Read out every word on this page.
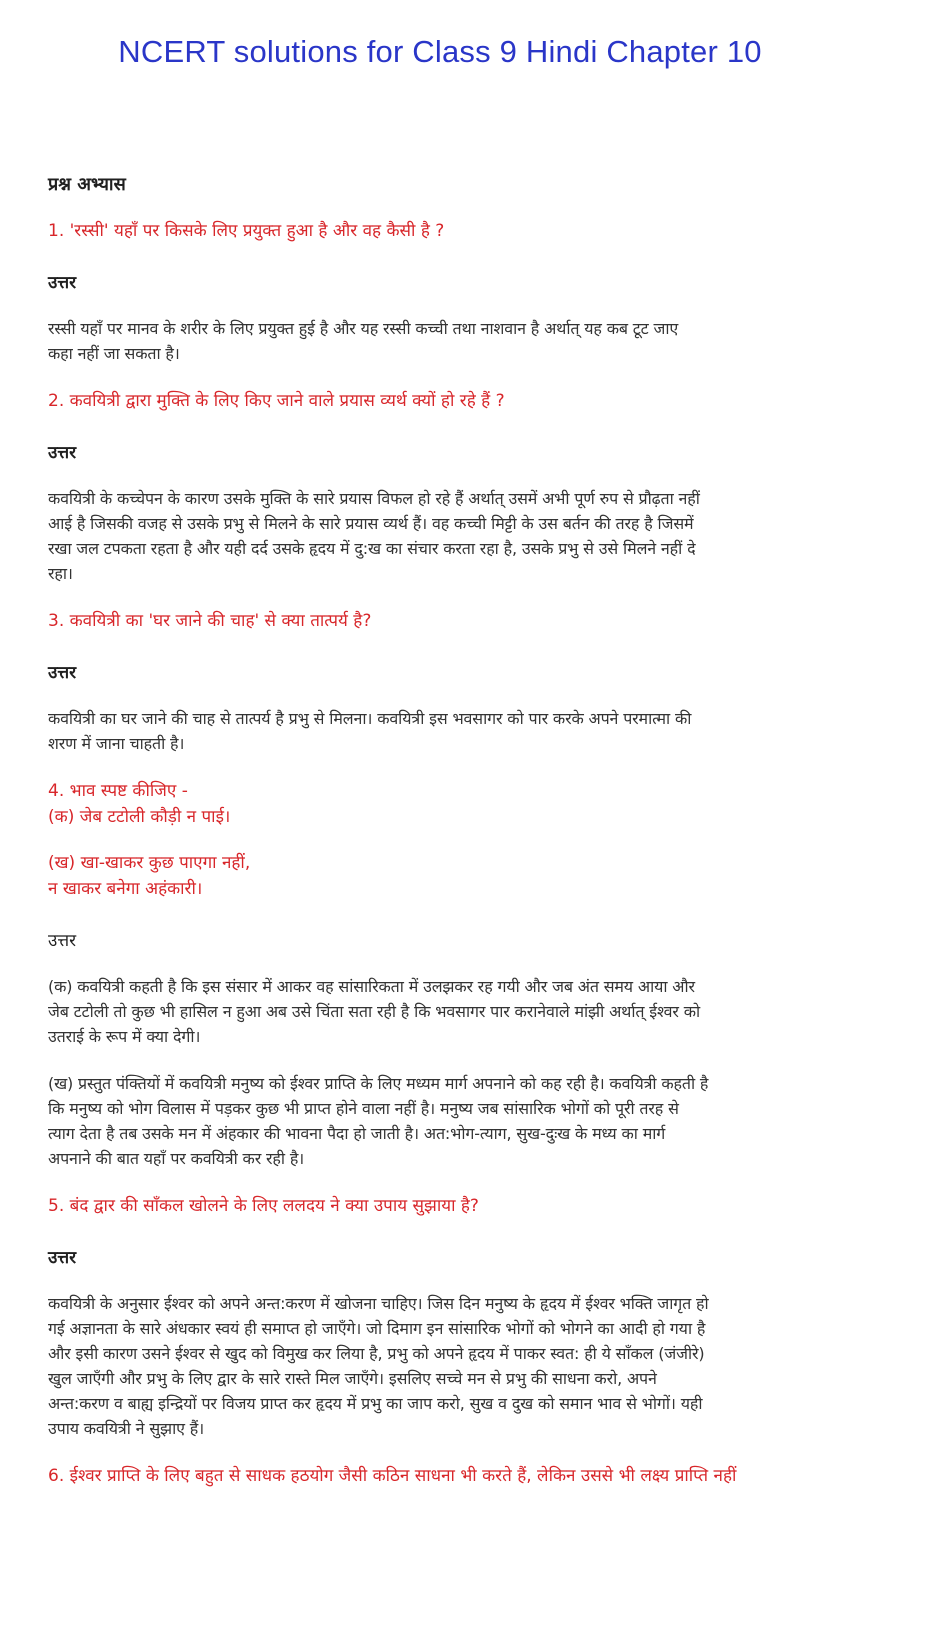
NCERT solutions for Class 9 Hindi Chapter 10
प्रश्न अभ्यास
1. 'रस्सी' यहाँ पर किसके लिए प्रयुक्त हुआ है और वह कैसी है ?
उत्तर
रस्सी यहाँ पर मानव के शरीर के लिए प्रयुक्त हुई है और यह रस्सी कच्ची तथा नाशवान है अर्थात् यह कब टूट जाए
कहा नहीं जा सकता है।
2. कवयित्री द्वारा मुक्ति के लिए किए जाने वाले प्रयास व्यर्थ क्यों हो रहे हैं ?
उत्तर
कवयित्री के कच्चेपन के कारण उसके मुक्ति के सारे प्रयास विफल हो रहे हैं अर्थात् उसमें अभी पूर्ण रुप से प्रौढ़ता नहीं
आई है जिसकी वजह से उसके प्रभु से मिलने के सारे प्रयास व्यर्थ हैं। वह कच्ची मिट्टी के उस बर्तन की तरह है जिसमें
रखा जल टपकता रहता है और यही दर्द उसके हृदय में दु:ख का संचार करता रहा है, उसके प्रभु से उसे मिलने नहीं दे
रहा।
3. कवयित्री का 'घर जाने की चाह' से क्या तात्पर्य है?
उत्तर
कवयित्री का घर जाने की चाह से तात्पर्य है प्रभु से मिलना। कवयित्री इस भवसागर को पार करके अपने परमात्मा की
शरण में जाना चाहती है।
4. भाव स्पष्ट कीजिए -
(क) जेब टटोली कौड़ी न पाई।
(ख) खा-खाकर कुछ पाएगा नहीं,
न खाकर बनेगा अहंकारी।
उत्तर
(क) कवयित्री कहती है कि इस संसार में आकर वह सांसारिकता में उलझकर रह गयी और जब अंत समय आया और
जेब टटोली तो कुछ भी हासिल न हुआ अब उसे चिंता सता रही है कि भवसागर पार करानेवाले मांझी अर्थात् ईश्वर को
उतराई के रूप में क्या देगी।
(ख) प्रस्तुत पंक्तियों में कवयित्री मनुष्य को ईश्वर प्राप्ति के लिए मध्यम मार्ग अपनाने को कह रही है। कवयित्री कहती है
कि मनुष्य को भोग विलास में पड़कर कुछ भी प्राप्त होने वाला नहीं है। मनुष्य जब सांसारिक भोगों को पूरी तरह से
त्याग देता है तब उसके मन में अंहकार की भावना पैदा हो जाती है। अत:भोग-त्याग, सुख-दुःख के मध्य का मार्ग
अपनाने की बात यहाँ पर कवयित्री कर रही है।
5. बंद द्वार की साँकल खोलने के लिए ललदय ने क्या उपाय सुझाया है?
उत्तर
कवयित्री के अनुसार ईश्वर को अपने अन्त:करण में खोजना चाहिए। जिस दिन मनुष्य के हृदय में ईश्वर भक्ति जागृत हो
गई अज्ञानता के सारे अंधकार स्वयं ही समाप्त हो जाएँगे। जो दिमाग इन सांसारिक भोगों को भोगने का आदी हो गया है
और इसी कारण उसने ईश्वर से खुद को विमुख कर लिया है, प्रभु को अपने हृदय में पाकर स्वत: ही ये साँकल (जंजीरे)
खुल जाएँगी और प्रभु के लिए द्वार के सारे रास्ते मिल जाएँगे। इसलिए सच्चे मन से प्रभु की साधना करो, अपने
अन्त:करण व बाह्य इन्द्रियों पर विजय प्राप्त कर हृदय में प्रभु का जाप करो, सुख व दुख को समान भाव से भोगों। यही
उपाय कवयित्री ने सुझाए हैं।
6. ईश्वर प्राप्ति के लिए बहुत से साधक हठयोग जैसी कठिन साधना भी करते हैं, लेकिन उससे भी लक्ष्य प्राप्ति नहीं
